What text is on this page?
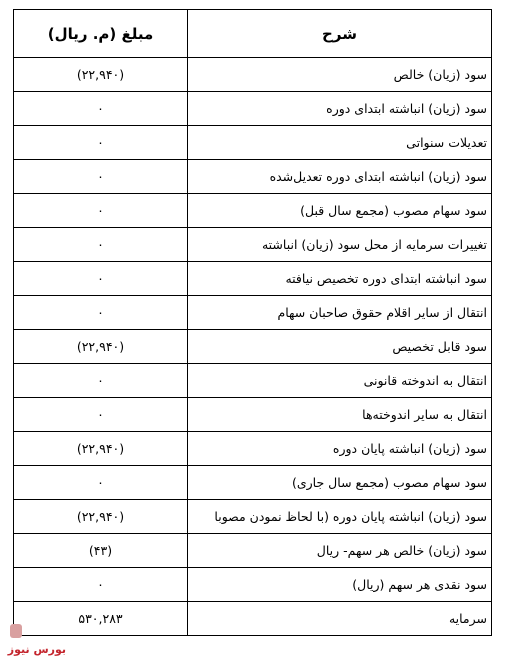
شرح	مبلغ (م. ریال)
سود (زیان) خالص	(۲۲,۹۴۰)
سود (زیان) انباشته ابتدای دوره	۰
تعدیلات سنواتی	۰
سود (زیان) انباشته ابتدای دوره تعدیل‌شده	۰
سود سهام مصوب (مجمع سال قبل)	۰
تغییرات سرمایه از محل سود (زیان) انباشته	۰
سود انباشته ابتدای دوره تخصیص نیافته	۰
انتقال از سایر اقلام حقوق صاحبان سهام	۰
سود قابل تخصیص	(۲۲,۹۴۰)
انتقال به اندوخته قانونی	۰
انتقال به سایر اندوخته‌ها	۰
سود (زیان) انباشته پایان دوره	(۲۲,۹۴۰)
سود سهام مصوب (مجمع سال جاری)	۰
سود (زیان) انباشته پایان دوره (با لحاظ نمودن مصوبا	(۲۲,۹۴۰)
سود (زیان) خالص هر سهم- ریال	(۴۳)
سود نقدی هر سهم (ریال)	۰
سرمایه	۵۳۰,۲۸۳
بورس نیوز
